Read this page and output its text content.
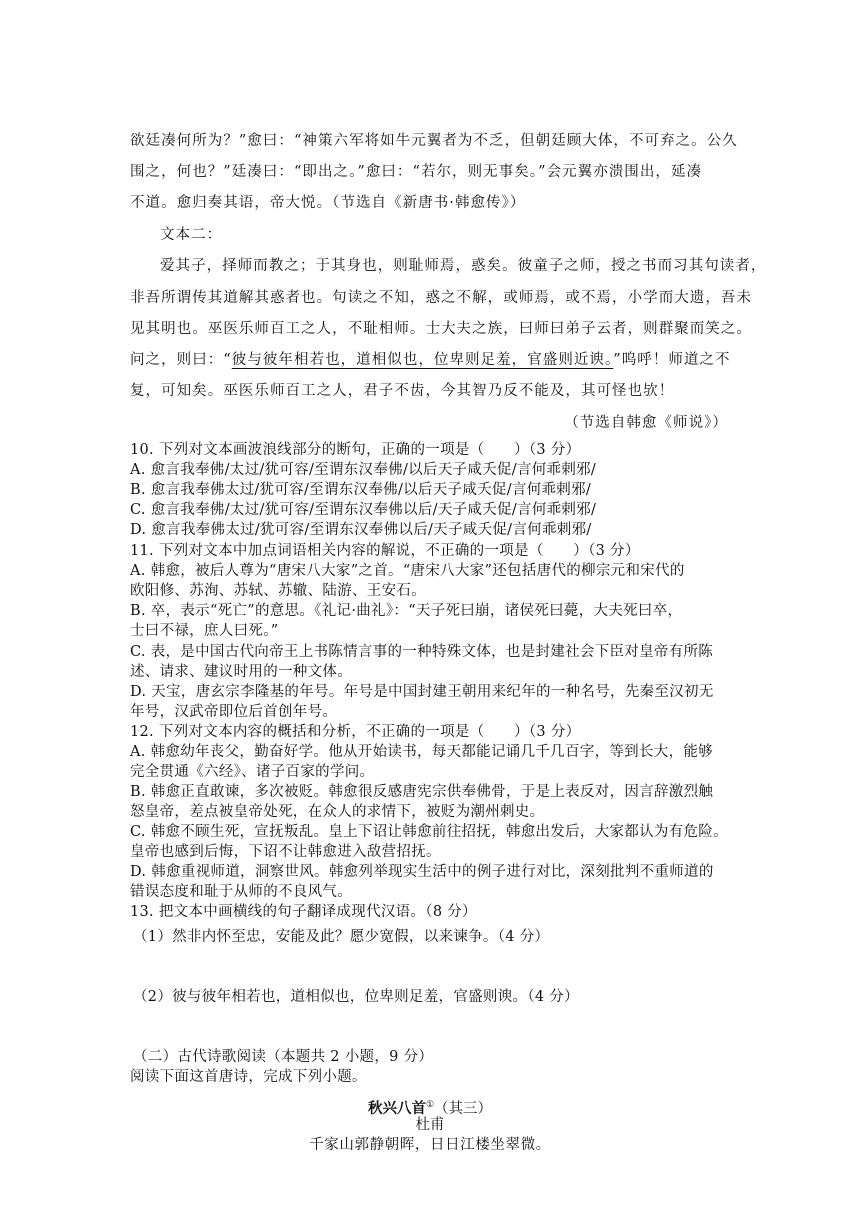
欲廷凑何所为？”愈曰：“神策六军将如牛元翼者为不乏，但朝廷顾大体，不可弃之。公久
围之，何也？”廷凑曰：“即出之。”愈曰：“若尔，则无事矣。”会元翼亦溃围出，延凑
不道。愈归奏其语，帝大悦。（节选自《新唐书·韩愈传》）
文本二：
爱其子，择师而教之；于其身也，则耻师焉，惑矣。彼童子之师，授之书而习其句读者，
非吾所谓传其道解其惑者也。句读之不知，惑之不解，或师焉，或不焉，小学而大遗，吾未
见其明也。巫医乐师百工之人，不耻相师。士大夫之族，曰师曰弟子云者，则群聚而笑之。
问之，则曰：“彼与彼年相若也，道相似也，位卑则足羞，官盛则近谀。”呜呼！师道之不
复，可知矣。巫医乐师百工之人，君子不齿，今其智乃反不能及，其可怪也欤！
（节选自韩愈《师说》）
10. 下列对文本画波浪线部分的断句，正确的一项是（　　）（3 分）
A. 愈言我奉佛/太过/犹可容/至谓东汉奉佛/以后天子咸夭促/言何乖剌邪/
B. 愈言我奉佛太过/犹可容/至谓东汉奉佛/以后天子咸夭促/言何乖剌邪/
C. 愈言我奉佛/太过/犹可容/至谓东汉奉佛以后/天子咸夭促/言何乖剌邪/
D. 愈言我奉佛太过/犹可容/至谓东汉奉佛以后/天子咸夭促/言何乖剌邪/
11. 下列对文本中加点词语相关内容的解说，不正确的一项是（　　）（3 分）
A. 韩愈，被后人尊为“唐宋八大家”之首。“唐宋八大家”还包括唐代的柳宗元和宋代的
欧阳修、苏洵、苏轼、苏辙、陆游、王安石。
B. 卒，表示“死亡”的意思。《礼记·曲礼》：“天子死曰崩，诸侯死曰薨，大夫死曰卒，
士曰不禄，庶人曰死。”
C. 表，是中国古代向帝王上书陈情言事的一种特殊文体，也是封建社会下臣对皇帝有所陈
述、请求、建议时用的一种文体。
D. 天宝，唐玄宗李隆基的年号。年号是中国封建王朝用来纪年的一种名号，先秦至汉初无
年号，汉武帝即位后首创年号。
12. 下列对文本内容的概括和分析，不正确的一项是（　　）（3 分）
A. 韩愈幼年丧父，勤奋好学。他从开始读书，每天都能记诵几千几百字，等到长大，能够
完全贯通《六经》、诸子百家的学问。
B. 韩愈正直敢谏，多次被贬。韩愈很反感唐宪宗供奉佛骨，于是上表反对，因言辞激烈触
怒皇帝，差点被皇帝处死，在众人的求情下，被贬为潮州刺史。
C. 韩愈不顾生死，宣抚叛乱。皇上下诏让韩愈前往招抚，韩愈出发后，大家都认为有危险。
皇帝也感到后悔，下诏不让韩愈进入敌营招抚。
D. 韩愈重视师道，洞察世风。韩愈列举现实生活中的例子进行对比，深刻批判不重师道的
错误态度和耻于从师的不良风气。
13. 把文本中画横线的句子翻译成现代汉语。（8 分）
（1）然非内怀至忠，安能及此？愿少宽假，以来谏争。（4 分）
（2）彼与彼年相若也，道相似也，位卑则足羞，官盛则谀。（4 分）
（二）古代诗歌阅读（本题共 2 小题，9 分）
阅读下面这首唐诗，完成下列小题。
秋兴八首①（其三）
杜甫
千家山郭静朝晖，日日江楼坐翠微。
